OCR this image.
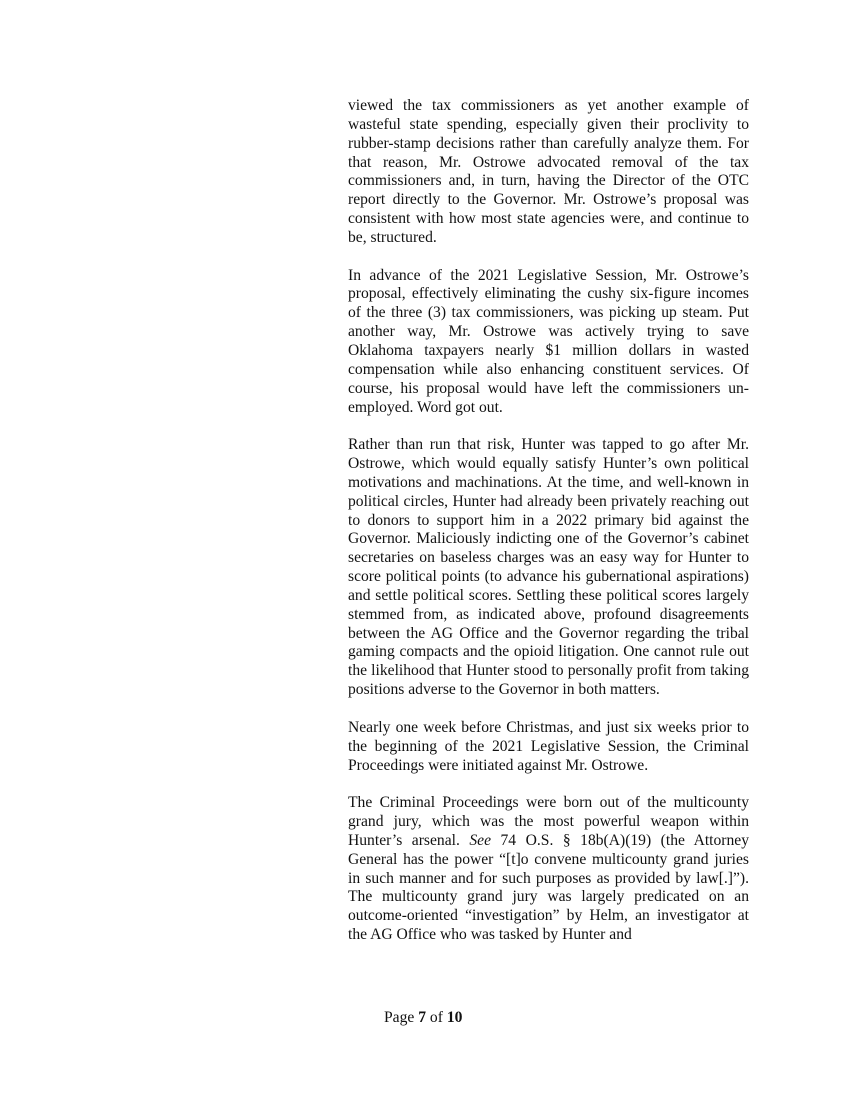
viewed the tax commissioners as yet another example of wasteful state spending, especially given their proclivity to rubber-stamp decisions rather than carefully analyze them. For that reason, Mr. Ostrowe advocated removal of the tax commissioners and, in turn, having the Director of the OTC report directly to the Governor. Mr. Ostrowe’s proposal was consistent with how most state agencies were, and continue to be, structured.

In advance of the 2021 Legislative Session, Mr. Ostrowe’s proposal, effectively eliminating the cushy six-figure incomes of the three (3) tax commissioners, was picking up steam. Put another way, Mr. Ostrowe was actively trying to save Oklahoma taxpayers nearly $1 million dollars in wasted compensation while also enhancing constituent services. Of course, his proposal would have left the commissioners un-employed. Word got out.

Rather than run that risk, Hunter was tapped to go after Mr. Ostrowe, which would equally satisfy Hunter’s own political motivations and machinations. At the time, and well-known in political circles, Hunter had already been privately reaching out to donors to support him in a 2022 primary bid against the Governor. Maliciously indicting one of the Governor’s cabinet secretaries on baseless charges was an easy way for Hunter to score political points (to advance his gubernational aspirations) and settle political scores. Settling these political scores largely stemmed from, as indicated above, profound disagreements between the AG Office and the Governor regarding the tribal gaming compacts and the opioid litigation. One cannot rule out the likelihood that Hunter stood to personally profit from taking positions adverse to the Governor in both matters.

Nearly one week before Christmas, and just six weeks prior to the beginning of the 2021 Legislative Session, the Criminal Proceedings were initiated against Mr. Ostrowe.

The Criminal Proceedings were born out of the multicounty grand jury, which was the most powerful weapon within Hunter’s arsenal. See 74 O.S. § 18b(A)(19) (the Attorney General has the power “[t]o convene multicounty grand juries in such manner and for such purposes as provided by law[.]”). The multicounty grand jury was largely predicated on an outcome-oriented “investigation” by Helm, an investigator at the AG Office who was tasked by Hunter and

Page 7 of 10
